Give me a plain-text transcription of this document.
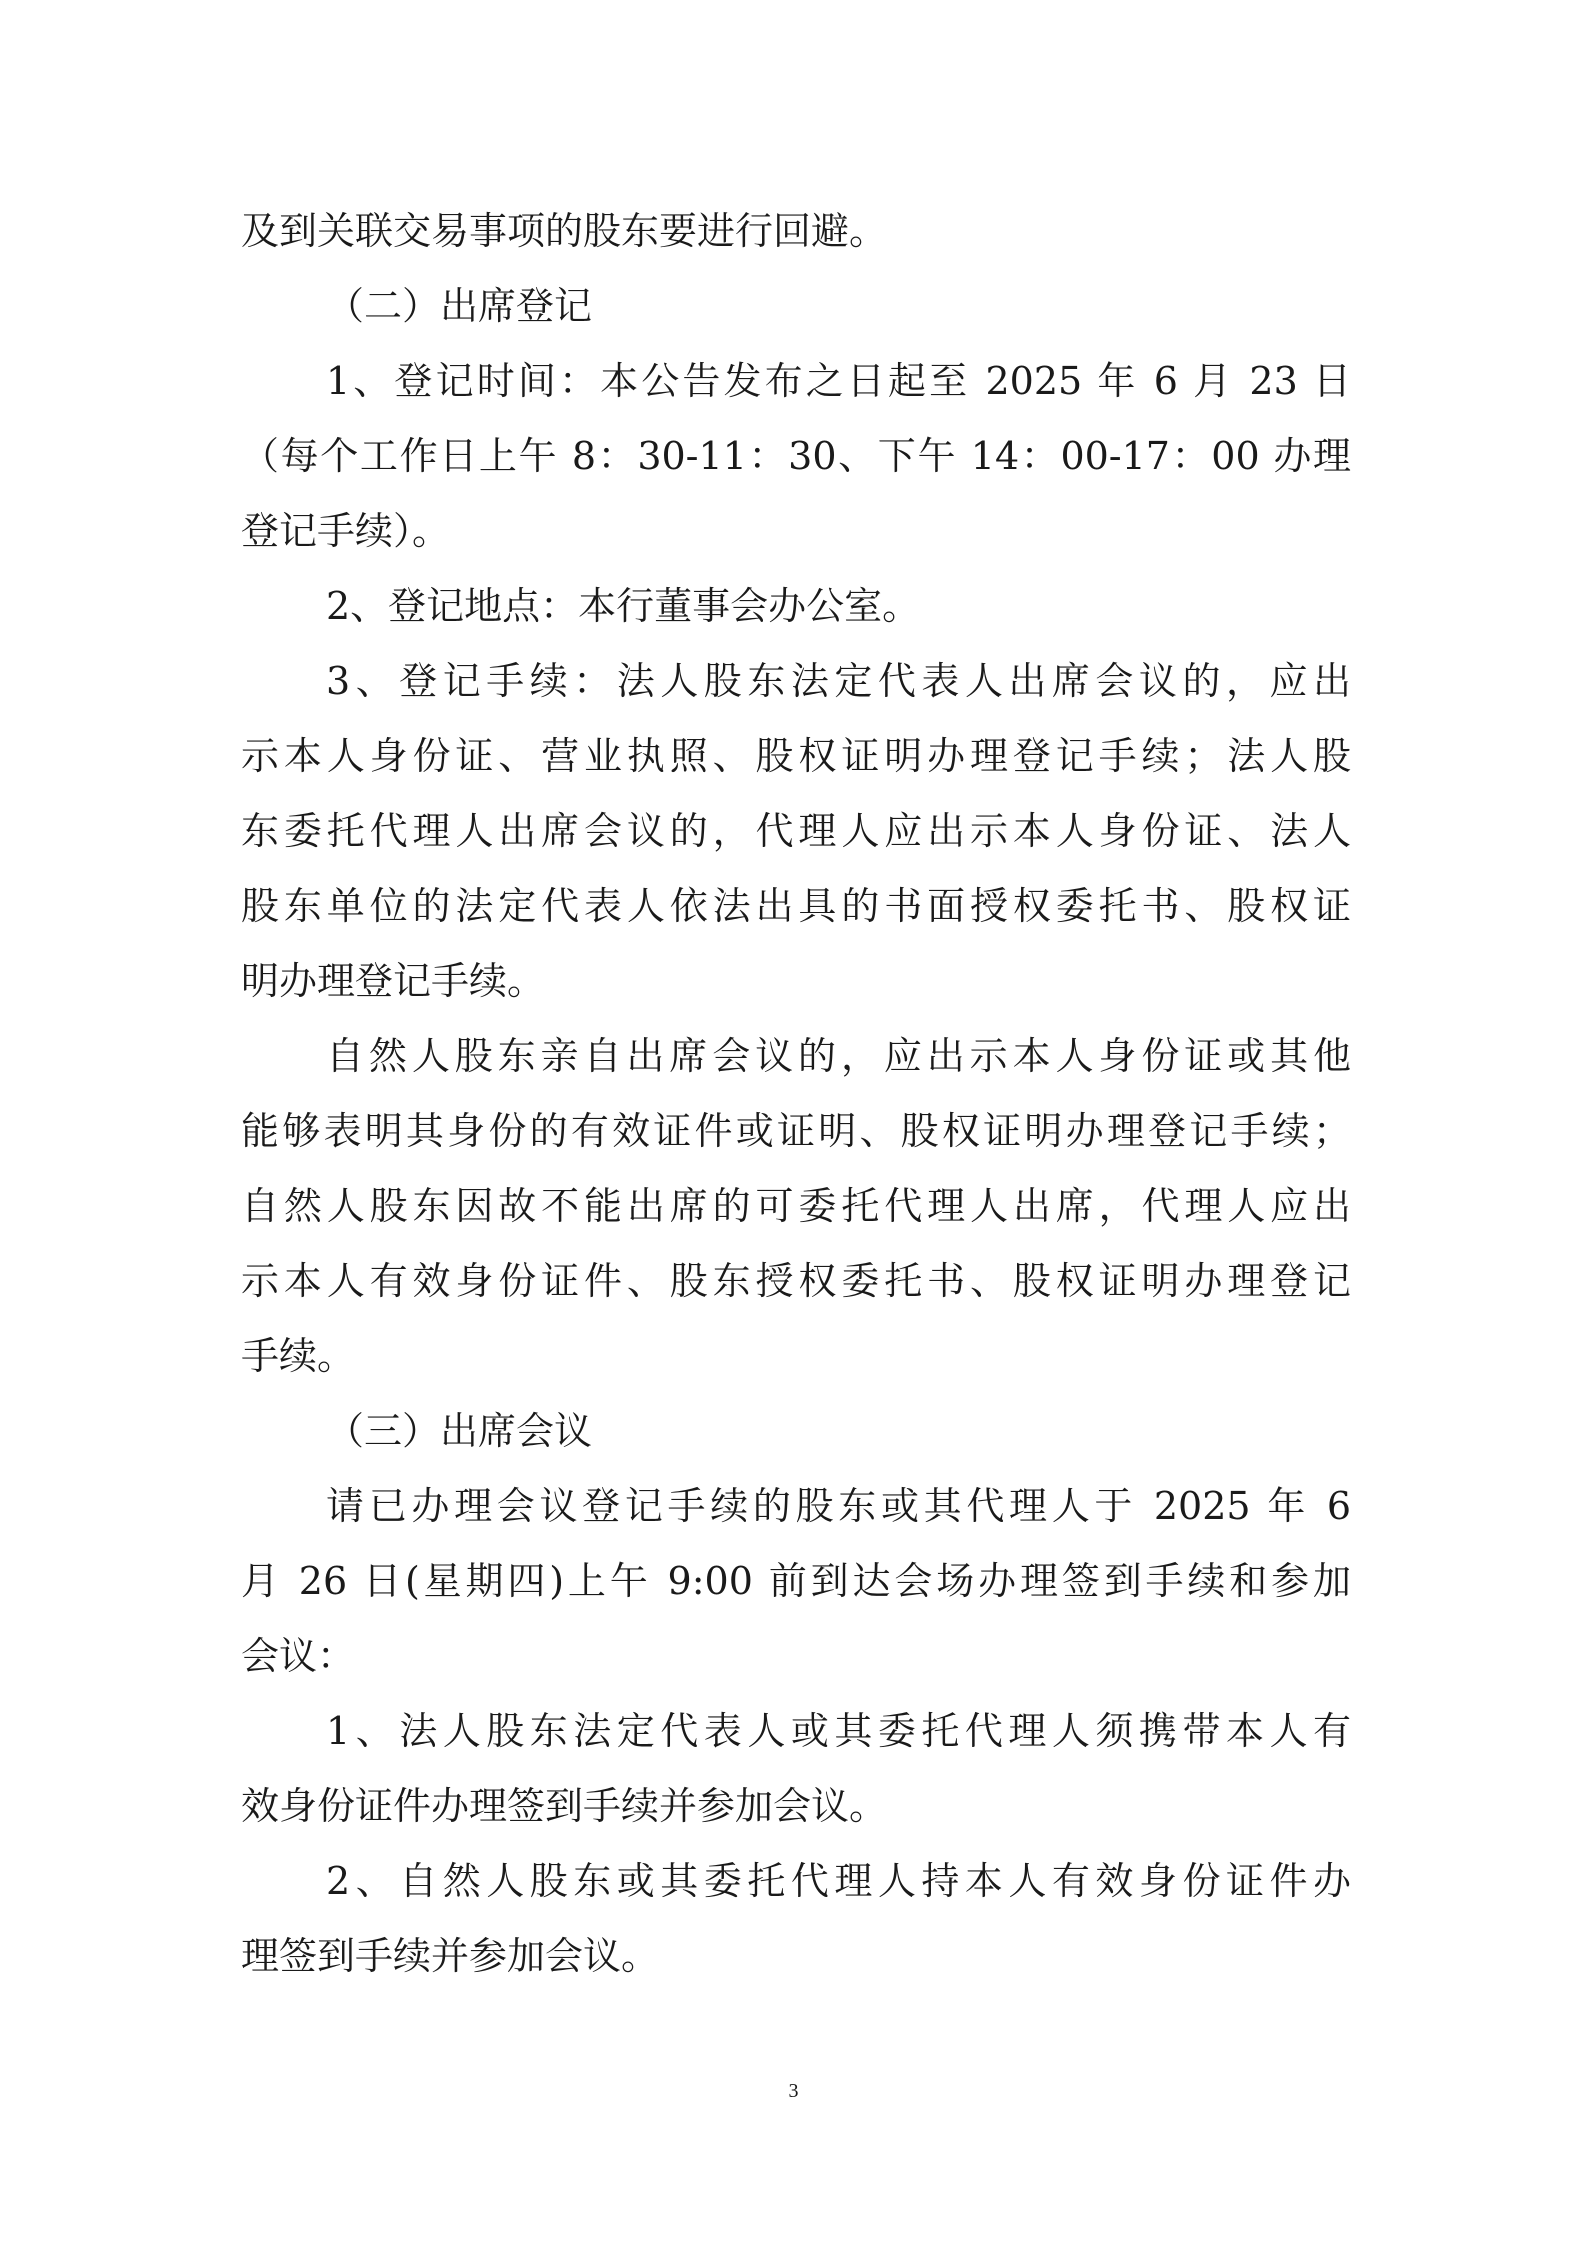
及到关联交易事项的股东要进行回避。
（二）出席登记
1、登记时间：本公告发布之日起至 2025 年 6 月 23 日
（每个工作日上午 8：30-11：30、下午 14：00-17：00 办理
登记手续）。
2、登记地点：本行董事会办公室。
3、登记手续：法人股东法定代表人出席会议的，应出
示本人身份证、营业执照、股权证明办理登记手续；法人股
东委托代理人出席会议的，代理人应出示本人身份证、法人
股东单位的法定代表人依法出具的书面授权委托书、股权证
明办理登记手续。
自然人股东亲自出席会议的，应出示本人身份证或其他
能够表明其身份的有效证件或证明、股权证明办理登记手续；
自然人股东因故不能出席的可委托代理人出席，代理人应出
示本人有效身份证件、股东授权委托书、股权证明办理登记
手续。
（三）出席会议
请已办理会议登记手续的股东或其代理人于 2025 年 6
月 26 日(星期四)上午 9:00 前到达会场办理签到手续和参加
会议：
1、法人股东法定代表人或其委托代理人须携带本人有
效身份证件办理签到手续并参加会议。
2、自然人股东或其委托代理人持本人有效身份证件办
理签到手续并参加会议。
3
